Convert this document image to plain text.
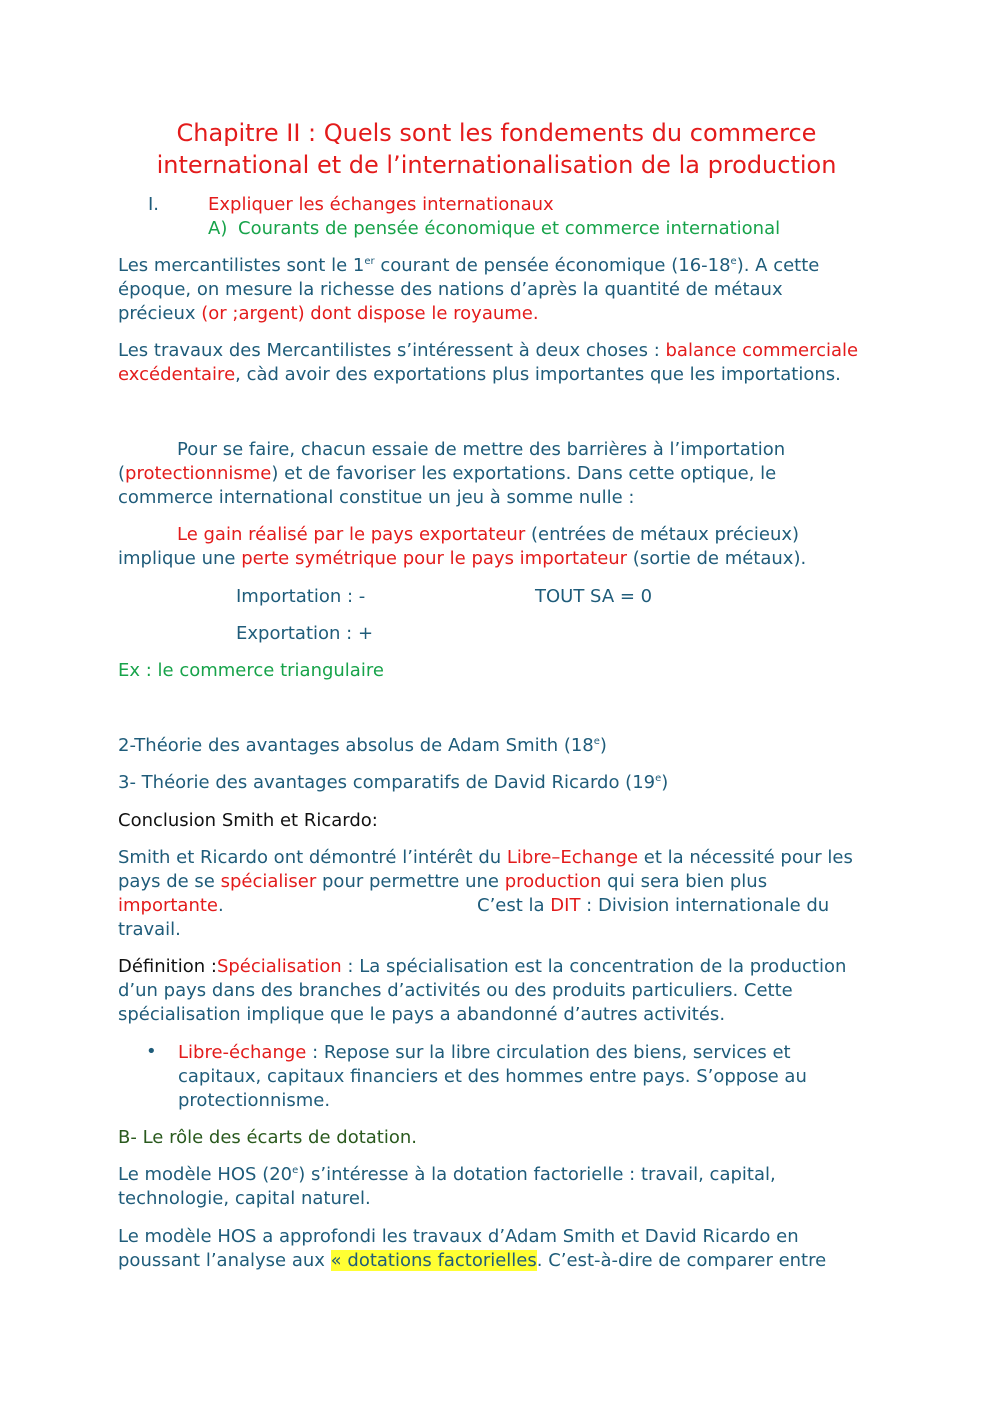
Chapitre II : Quels sont les fondements du commerce
international et de l’internationalisation de la production
I.	Expliquer les échanges internationaux
A) Courants de pensée économique et commerce international
Les mercantilistes sont le 1er courant de pensée économique (16-18e). A cette
époque, on mesure la richesse des nations d’après la quantité de métaux
précieux (or ;argent) dont dispose le royaume.
Les travaux des Mercantilistes s’intéressent à deux choses : balance commerciale
excédentaire, càd avoir des exportations plus importantes que les importations.
Pour se faire, chacun essaie de mettre des barrières à l’importation
(protectionnisme) et de favoriser les exportations. Dans cette optique, le
commerce international constitue un jeu à somme nulle :
Le gain réalisé par le pays exportateur (entrées de métaux précieux)
implique une perte symétrique pour le pays importateur (sortie de métaux).
Importation : -	TOUT SA = 0
Exportation : +
Ex : le commerce triangulaire
2-Théorie des avantages absolus de Adam Smith (18e)
3- Théorie des avantages comparatifs de David Ricardo (19e)
Conclusion Smith et Ricardo:
Smith et Ricardo ont démontré l’intérêt du Libre–Echange et la nécessité pour les
pays de se spécialiser pour permettre une production qui sera bien plus
importante.	C’est la DIT : Division internationale du
travail.
Définition :Spécialisation : La spécialisation est la concentration de la production
d’un pays dans des branches d’activités ou des produits particuliers. Cette
spécialisation implique que le pays a abandonné d’autres activités.
• Libre-échange : Repose sur la libre circulation des biens, services et
capitaux, capitaux financiers et des hommes entre pays. S’oppose au
protectionnisme.
B- Le rôle des écarts de dotation.
Le modèle HOS (20e) s’intéresse à la dotation factorielle : travail, capital,
technologie, capital naturel.
Le modèle HOS a approfondi les travaux d’Adam Smith et David Ricardo en
poussant l’analyse aux « dotations factorielles. C’est-à-dire de comparer entre
